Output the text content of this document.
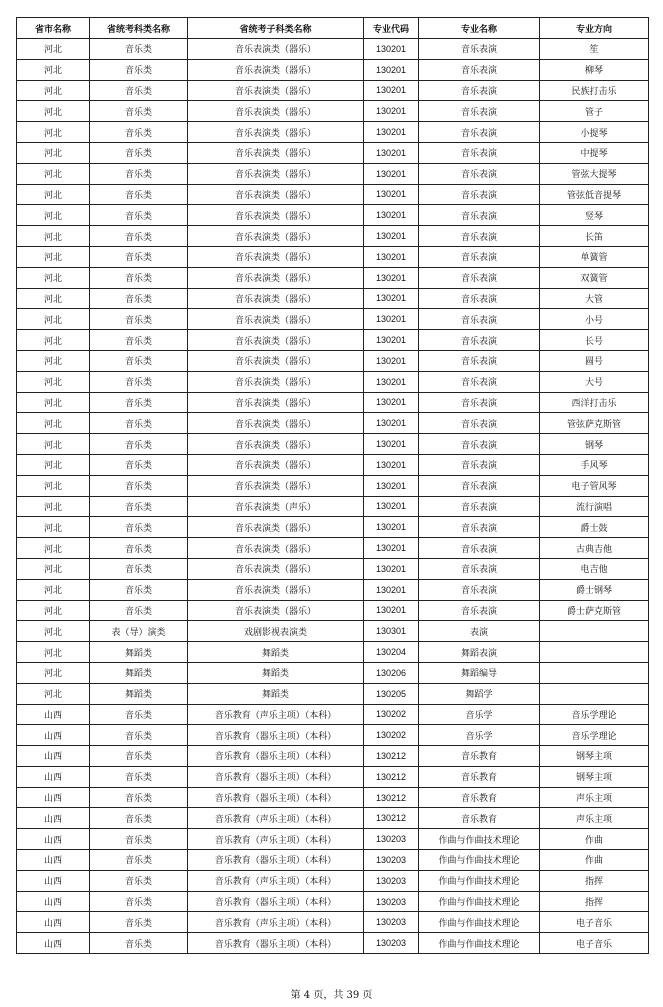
省市名称	省统考科类名称	省统考子科类名称	专业代码	专业名称	专业方向
河北	音乐类	音乐表演类（器乐）	130201	音乐表演	笙
河北	音乐类	音乐表演类（器乐）	130201	音乐表演	柳琴
河北	音乐类	音乐表演类（器乐）	130201	音乐表演	民族打击乐
河北	音乐类	音乐表演类（器乐）	130201	音乐表演	管子
河北	音乐类	音乐表演类（器乐）	130201	音乐表演	小提琴
河北	音乐类	音乐表演类（器乐）	130201	音乐表演	中提琴
河北	音乐类	音乐表演类（器乐）	130201	音乐表演	管弦大提琴
河北	音乐类	音乐表演类（器乐）	130201	音乐表演	管弦低音提琴
河北	音乐类	音乐表演类（器乐）	130201	音乐表演	竖琴
河北	音乐类	音乐表演类（器乐）	130201	音乐表演	长笛
河北	音乐类	音乐表演类（器乐）	130201	音乐表演	单簧管
河北	音乐类	音乐表演类（器乐）	130201	音乐表演	双簧管
河北	音乐类	音乐表演类（器乐）	130201	音乐表演	大管
河北	音乐类	音乐表演类（器乐）	130201	音乐表演	小号
河北	音乐类	音乐表演类（器乐）	130201	音乐表演	长号
河北	音乐类	音乐表演类（器乐）	130201	音乐表演	圆号
河北	音乐类	音乐表演类（器乐）	130201	音乐表演	大号
河北	音乐类	音乐表演类（器乐）	130201	音乐表演	西洋打击乐
河北	音乐类	音乐表演类（器乐）	130201	音乐表演	管弦萨克斯管
河北	音乐类	音乐表演类（器乐）	130201	音乐表演	钢琴
河北	音乐类	音乐表演类（器乐）	130201	音乐表演	手风琴
河北	音乐类	音乐表演类（器乐）	130201	音乐表演	电子管风琴
河北	音乐类	音乐表演类（声乐）	130201	音乐表演	流行演唱
河北	音乐类	音乐表演类（器乐）	130201	音乐表演	爵士鼓
河北	音乐类	音乐表演类（器乐）	130201	音乐表演	古典吉他
河北	音乐类	音乐表演类（器乐）	130201	音乐表演	电吉他
河北	音乐类	音乐表演类（器乐）	130201	音乐表演	爵士钢琴
河北	音乐类	音乐表演类（器乐）	130201	音乐表演	爵士萨克斯管
河北	表（导）演类	戏剧影视表演类	130301	表演	
河北	舞蹈类	舞蹈类	130204	舞蹈表演	
河北	舞蹈类	舞蹈类	130206	舞蹈编导	
河北	舞蹈类	舞蹈类	130205	舞蹈学	
山西	音乐类	音乐教育（声乐主项）（本科）	130202	音乐学	音乐学理论
山西	音乐类	音乐教育（器乐主项）（本科）	130202	音乐学	音乐学理论
山西	音乐类	音乐教育（器乐主项）（本科）	130212	音乐教育	钢琴主项
山西	音乐类	音乐教育（器乐主项）（本科）	130212	音乐教育	钢琴主项
山西	音乐类	音乐教育（器乐主项）（本科）	130212	音乐教育	声乐主项
山西	音乐类	音乐教育（声乐主项）（本科）	130212	音乐教育	声乐主项
山西	音乐类	音乐教育（声乐主项）（本科）	130203	作曲与作曲技术理论	作曲
山西	音乐类	音乐教育（器乐主项）（本科）	130203	作曲与作曲技术理论	作曲
山西	音乐类	音乐教育（声乐主项）（本科）	130203	作曲与作曲技术理论	指挥
山西	音乐类	音乐教育（器乐主项）（本科）	130203	作曲与作曲技术理论	指挥
山西	音乐类	音乐教育（声乐主项）（本科）	130203	作曲与作曲技术理论	电子音乐
山西	音乐类	音乐教育（器乐主项）（本科）	130203	作曲与作曲技术理论	电子音乐
第 4 页，共 39 页
